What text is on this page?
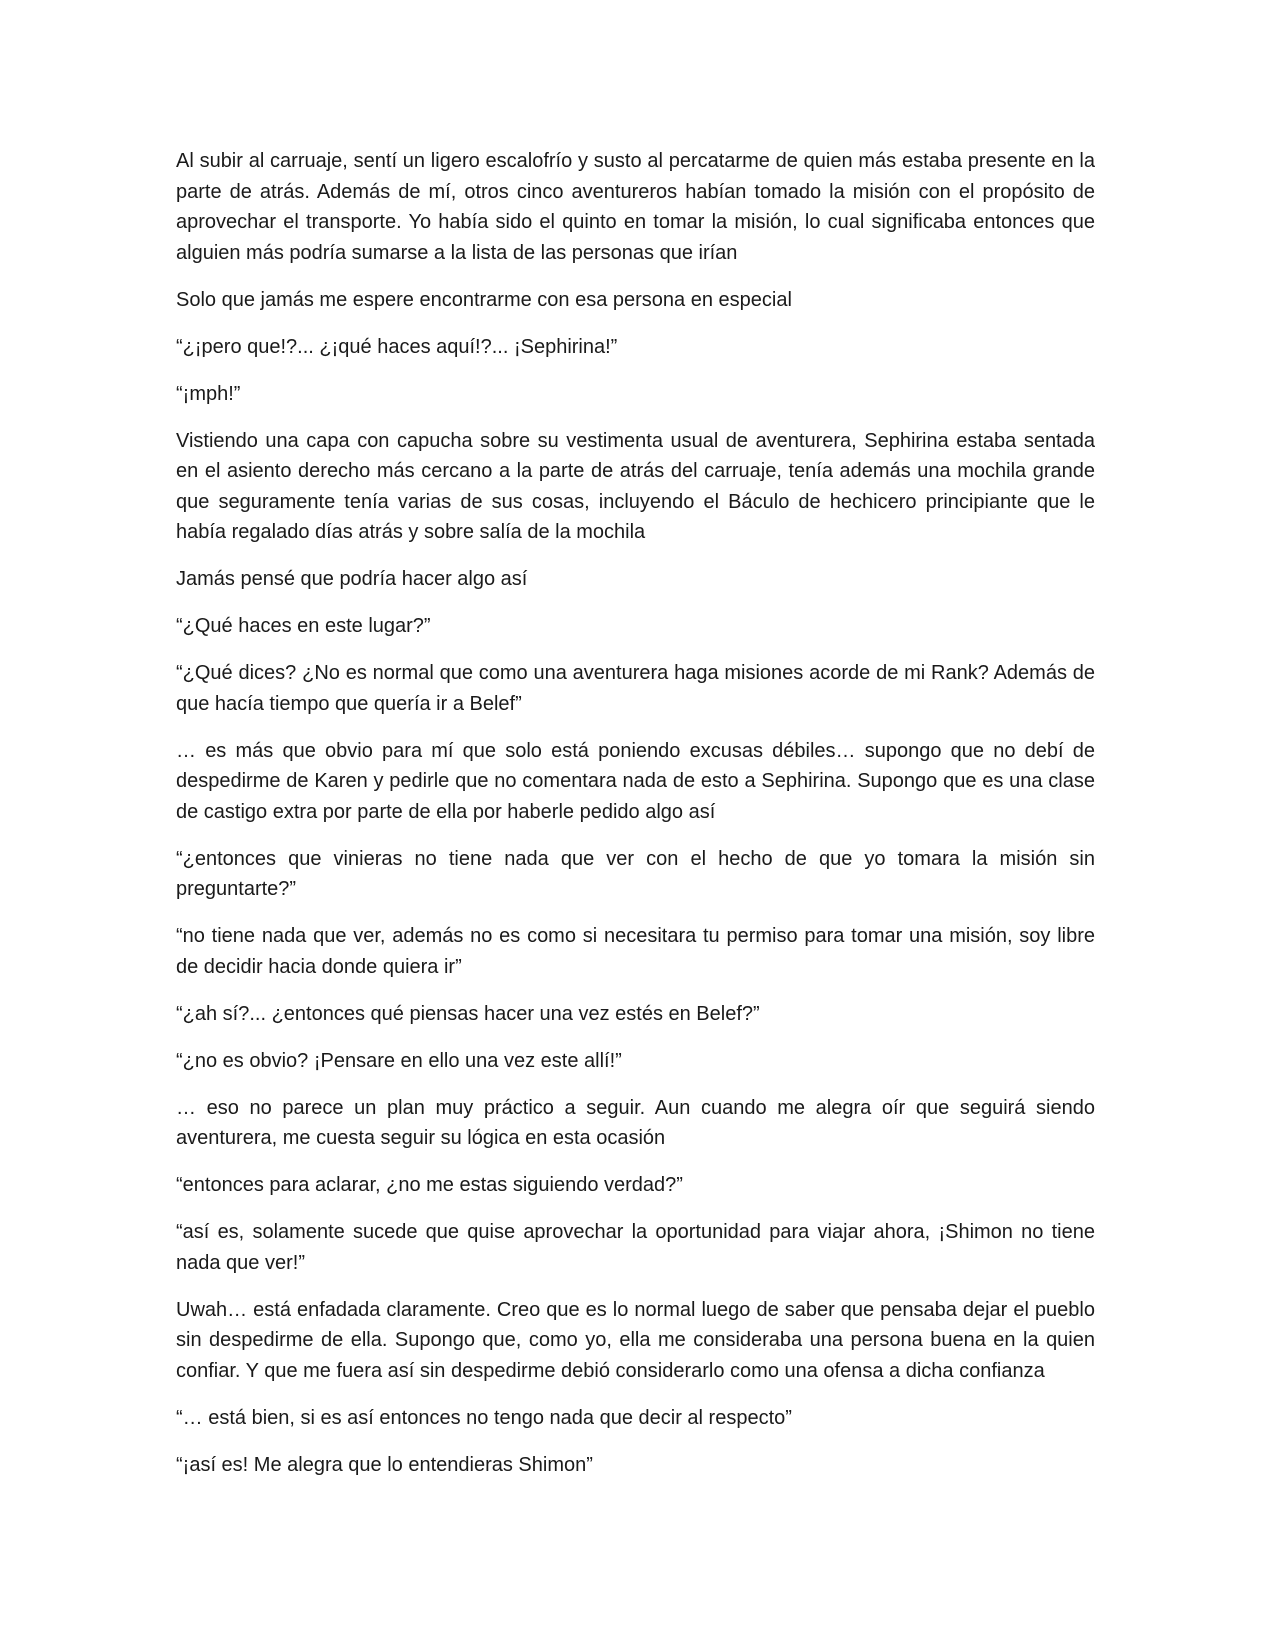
Al subir al carruaje, sentí un ligero escalofrío y susto al percatarme de quien más estaba presente en la parte de atrás. Además de mí, otros cinco aventureros habían tomado la misión con el propósito de aprovechar el transporte. Yo había sido el quinto en tomar la misión, lo cual significaba entonces que alguien más podría sumarse a la lista de las personas que irían

Solo que jamás me espere encontrarme con esa persona en especial

“¿¡pero que!?... ¿¡qué haces aquí!?... ¡Sephirina!”

“¡mph!”

Vistiendo una capa con capucha sobre su vestimenta usual de aventurera, Sephirina estaba sentada en el asiento derecho más cercano a la parte de atrás del carruaje, tenía además una mochila grande que seguramente tenía varias de sus cosas, incluyendo el Báculo de hechicero principiante que le había regalado días atrás y sobre salía de la mochila

Jamás pensé que podría hacer algo así

“¿Qué haces en este lugar?”

“¿Qué dices? ¿No es normal que como una aventurera haga misiones acorde de mi Rank? Además de que hacía tiempo que quería ir a Belef”

… es más que obvio para mí que solo está poniendo excusas débiles… supongo que no debí de despedirme de Karen y pedirle que no comentara nada de esto a Sephirina. Supongo que es una clase de castigo extra por parte de ella por haberle pedido algo así

“¿entonces que vinieras no tiene nada que ver con el hecho de que yo tomara la misión sin preguntarte?”

“no tiene nada que ver, además no es como si necesitara tu permiso para tomar una misión, soy libre de decidir hacia donde quiera ir”

“¿ah sí?... ¿entonces qué piensas hacer una vez estés en Belef?”

“¿no es obvio? ¡Pensare en ello una vez este allí!”

… eso no parece un plan muy práctico a seguir. Aun cuando me alegra oír que seguirá siendo aventurera, me cuesta seguir su lógica en esta ocasión

“entonces para aclarar, ¿no me estas siguiendo verdad?”

“así es, solamente sucede que quise aprovechar la oportunidad para viajar ahora, ¡Shimon no tiene nada que ver!”

Uwah… está enfadada claramente. Creo que es lo normal luego de saber que pensaba dejar el pueblo sin despedirme de ella. Supongo que, como yo, ella me consideraba una persona buena en la quien confiar. Y que me fuera así sin despedirme debió considerarlo como una ofensa a dicha confianza

“… está bien, si es así entonces no tengo nada que decir al respecto”

“¡así es! Me alegra que lo entendieras Shimon”
